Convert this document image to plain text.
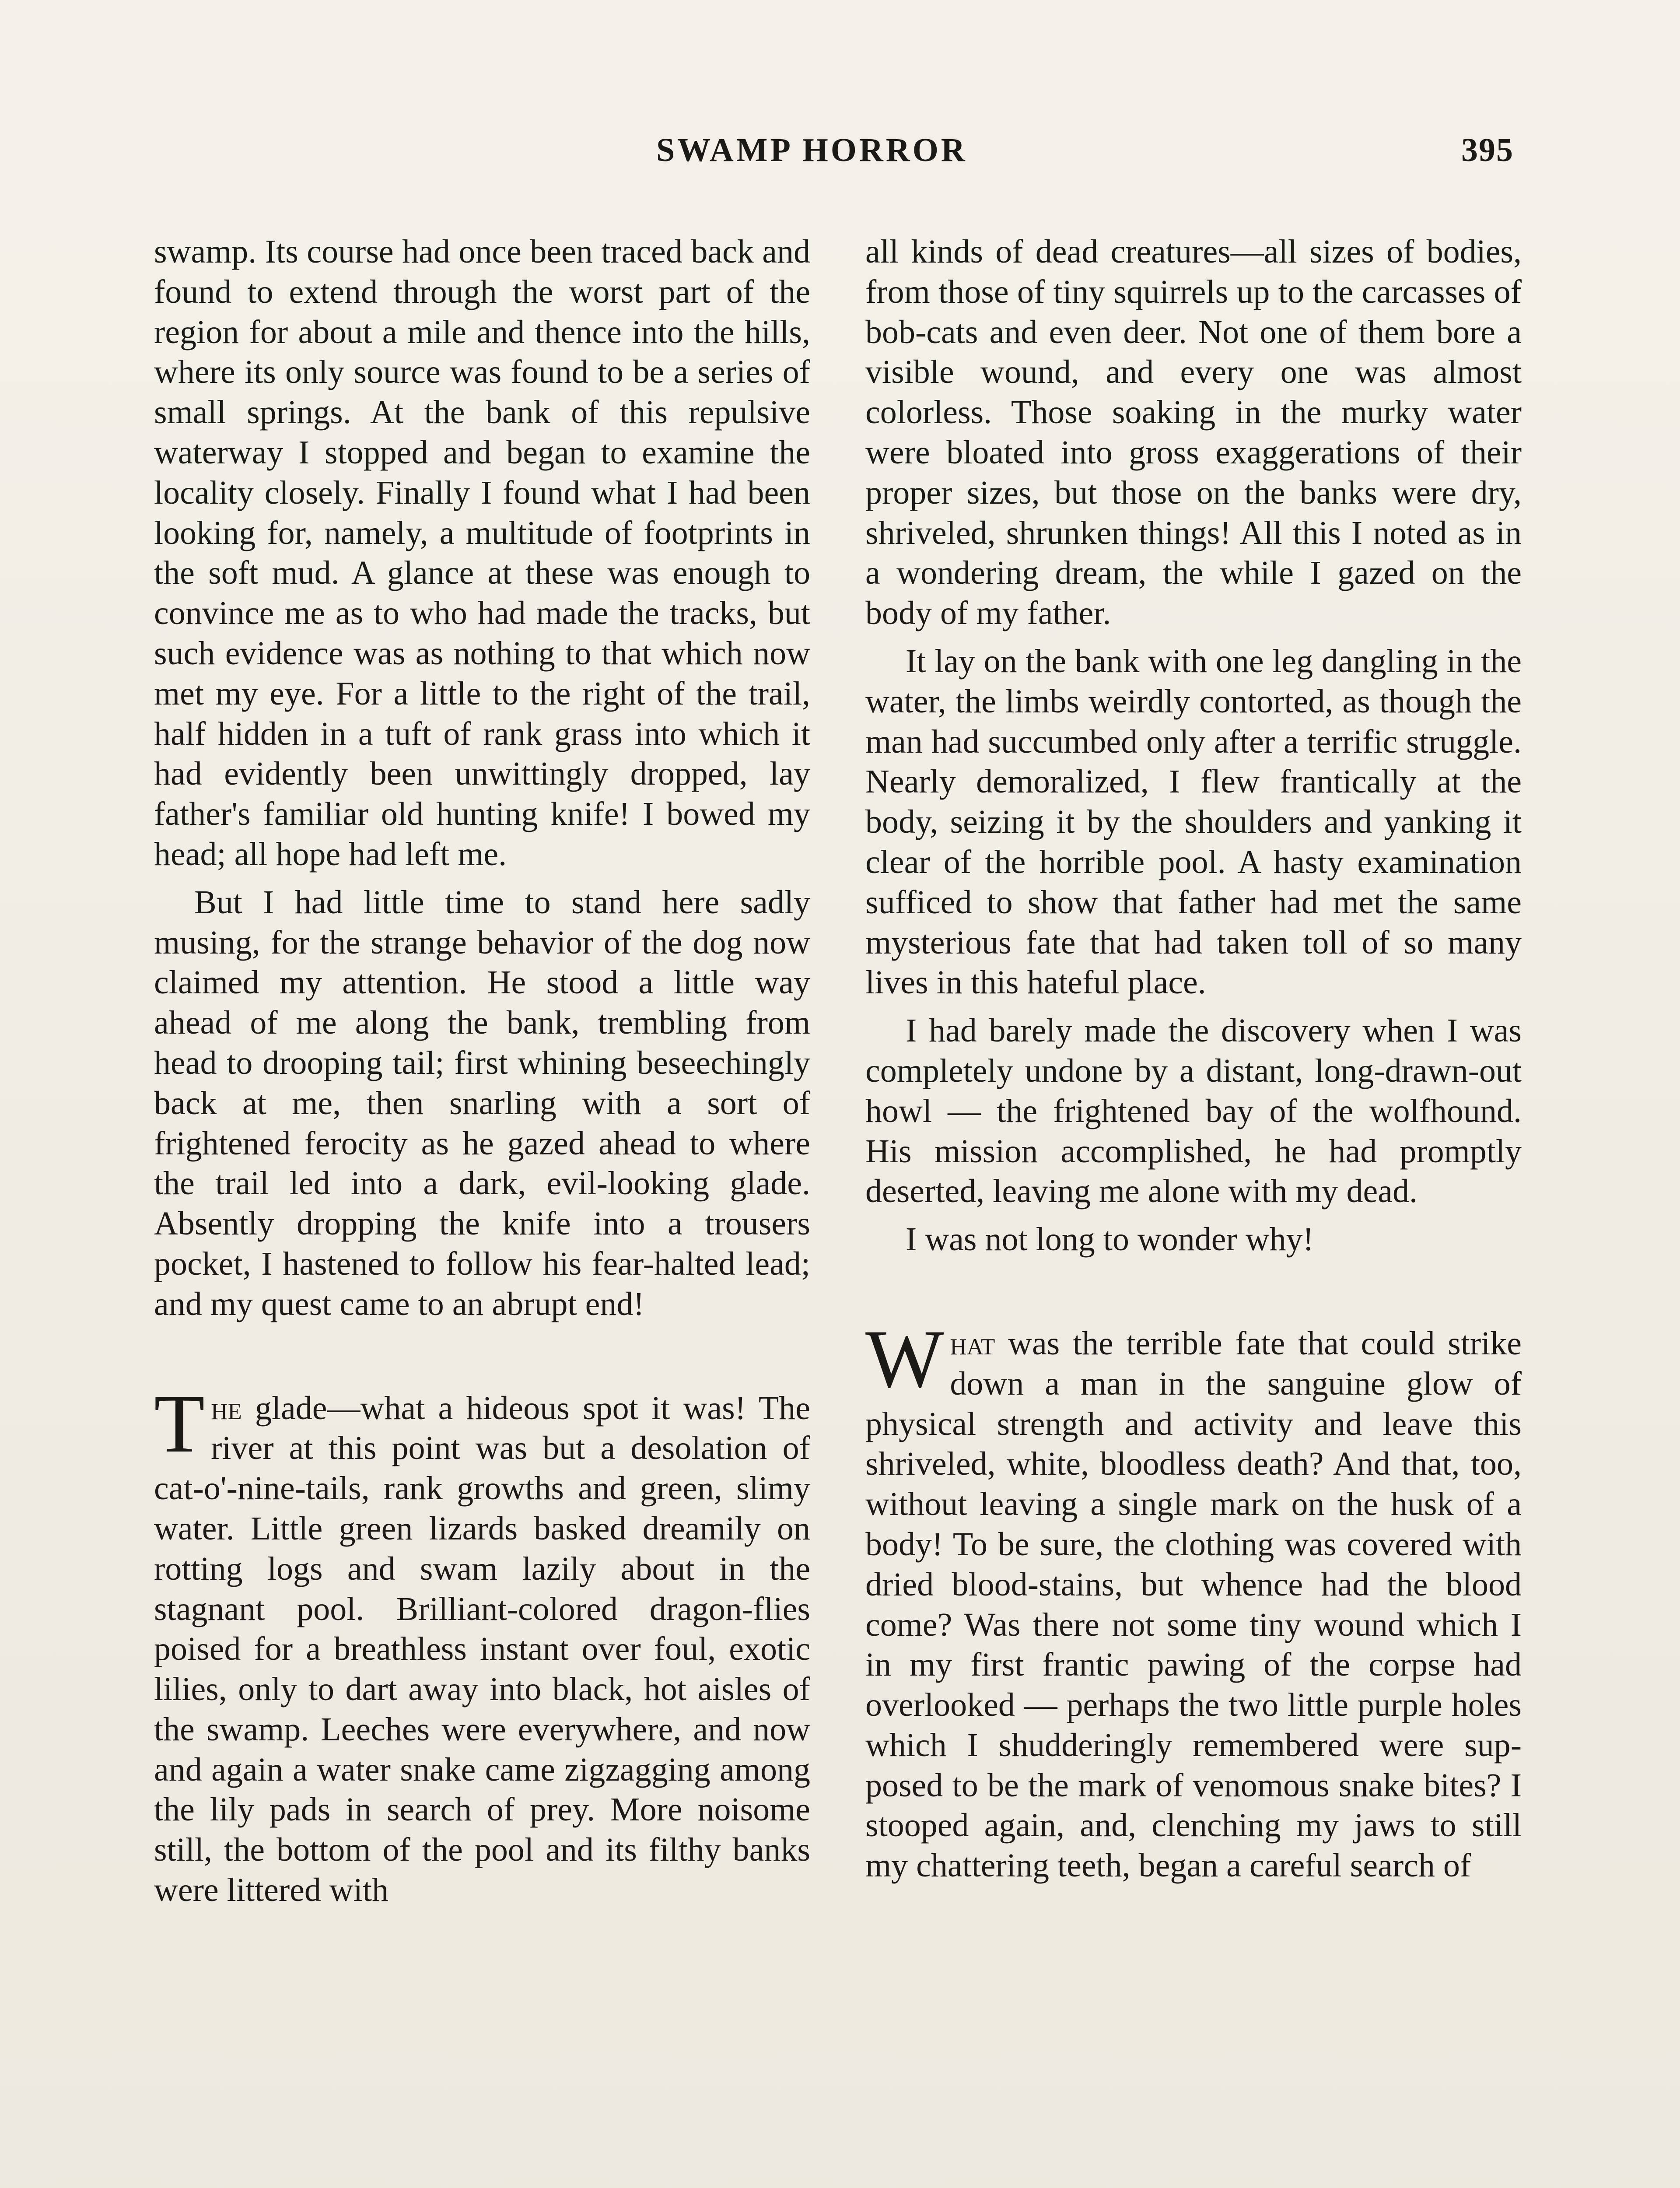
SWAMP HORROR	395

swamp. Its course had once been traced back and found to extend through the worst part of the region for about a mile and thence into the hills, where its only source was found to be a series of small springs. At the bank of this repulsive waterway I stopped and began to examine the locality closely. Finally I found what I had been looking for, namely, a multitude of footprints in the soft mud. A glance at these was enough to convince me as to who had made the tracks, but such evidence was as nothing to that which now met my eye. For a little to the right of the trail, half hidden in a tuft of rank grass into which it had evidently been unwittingly dropped, lay father's familiar old hunting knife! I bowed my head; all hope had left me.

But I had little time to stand here sadly musing, for the strange behavior of the dog now claimed my attention. He stood a little way ahead of me along the bank, trembling from head to drooping tail; first whining beseechingly back at me, then snarling with a sort of frightened ferocity as he gazed ahead to where the trail led into a dark, evil-looking glade. Absently dropping the knife into a trousers pocket, I hastened to follow his fear-halted lead; and my quest came to an abrupt end!

The glade—what a hideous spot it was! The river at this point was but a desolation of cat-o'-nine-tails, rank growths and green, slimy water. Little green lizards basked dreamily on rotting logs and swam lazily about in the stagnant pool. Brilliant-colored dragon-flies poised for a breathless instant over foul, exotic lilies, only to dart away into black, hot aisles of the swamp. Leeches were everywhere, and now and again a water snake came zigzagging among the lily pads in search of prey. More noisome still, the bottom of the pool and its filthy banks were littered with

all kinds of dead creatures—all sizes of bodies, from those of tiny squirrels up to the carcasses of bob-cats and even deer. Not one of them bore a visible wound, and every one was almost colorless. Those soaking in the murky water were bloated into gross exaggerations of their proper sizes, but those on the banks were dry, shriveled, shrunken things! All this I noted as in a wondering dream, the while I gazed on the body of my father.

It lay on the bank with one leg dangling in the water, the limbs weirdly contorted, as though the man had succumbed only after a terrific struggle. Nearly demoralized, I flew frantically at the body, seizing it by the shoulders and yanking it clear of the horrible pool. A hasty examination sufficed to show that father had met the same mysterious fate that had taken toll of so many lives in this hateful place.

I had barely made the discovery when I was completely undone by a distant, long-drawn-out howl — the frightened bay of the wolfhound. His mission accomplished, he had promptly deserted, leaving me alone with my dead.

I was not long to wonder why!

What was the terrible fate that could strike down a man in the sanguine glow of physical strength and activity and leave this shriveled, white, bloodless death? And that, too, without leaving a single mark on the husk of a body! To be sure, the clothing was covered with dried blood-stains, but whence had the blood come? Was there not some tiny wound which I in my first frantic pawing of the corpse had overlooked — perhaps the two little purple holes which I shudderingly remembered were supposed to be the mark of venomous snake bites? I stooped again, and, clenching my jaws to still my chattering teeth, began a careful search of
